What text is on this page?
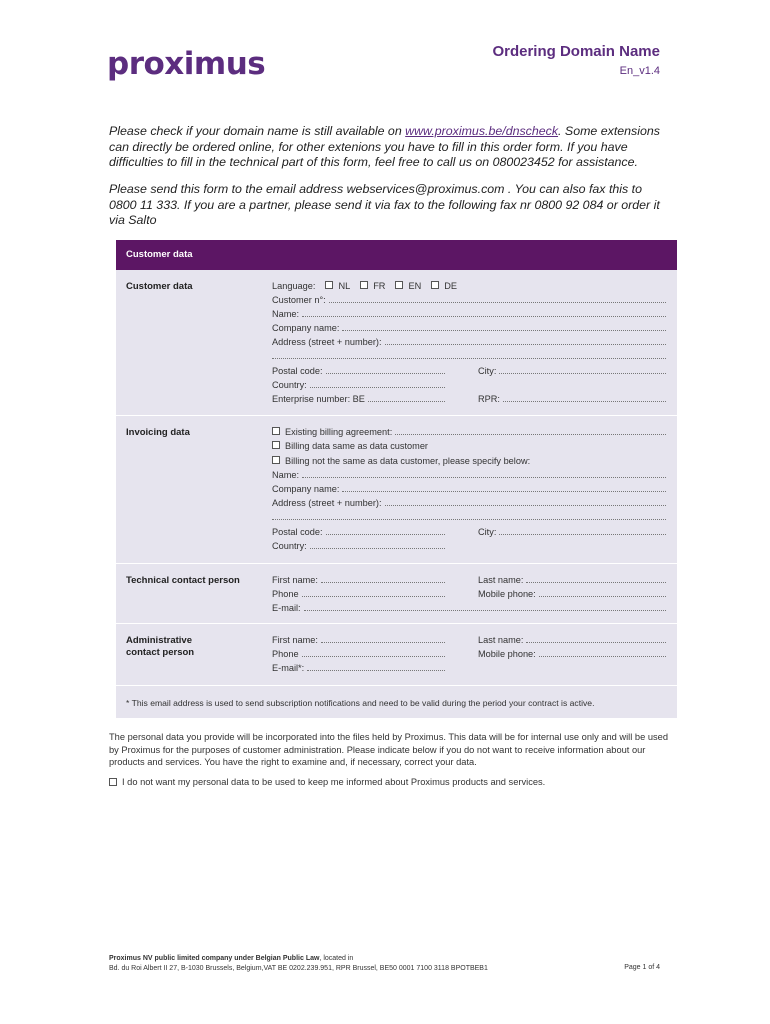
proximus	Ordering Domain Name
En_v1.4

Please check if your domain name is still available on www.proximus.be/dnscheck. Some extensions can directly be ordered online, for other extenions you have to fill in this order form. If you have difficulties to fill in the technical part of this form, feel free to call us on 080023452 for assistance.

Please send this form to the email address webservices@proximus.com . You can also fax this to 0800 11 333. If you are a partner, please send it via fax to the following fax nr 0800 92 084 or order it via Salto

Customer data
Customer data	Language:	NL	FR	EN	DE
Customer n°:
Name:
Company name:
Address (street + number):
Postal code:	City:
Country:
Enterprise number: BE	RPR:
Invoicing data	Existing billing agreement:
Billing data same as data customer
Billing not the same as data customer, please specify below:
Name:
Company name:
Address (street + number):
Postal code:	City:
Country:
Technical contact person	First name:	Last name:
Phone	Mobile phone:
E-mail:
Administrative contact person
First name:	Last name:
Phone	Mobile phone:
E-mail*:
* This email address is used to send subscription notifications and need to be valid during the period your contract is active.

The personal data you provide will be incorporated into the files held by Proximus. This data will be for internal use only and will be used by Proximus for the purposes of customer administration. Please indicate below if you do not want to receive information about our products and services. You have the right to examine and, if necessary, correct your data.

I do not want my personal data to be used to keep me informed about Proximus products and services.
Proximus NV public limited company under Belgian Public Law, located in
Bd. du Roi Albert II 27, B-1030 Brussels, Belgium,VAT BE 0202.239.951, RPR Brussel, BE50 0001 7100 3118 BPOTBEB1	Page 1 of 4
